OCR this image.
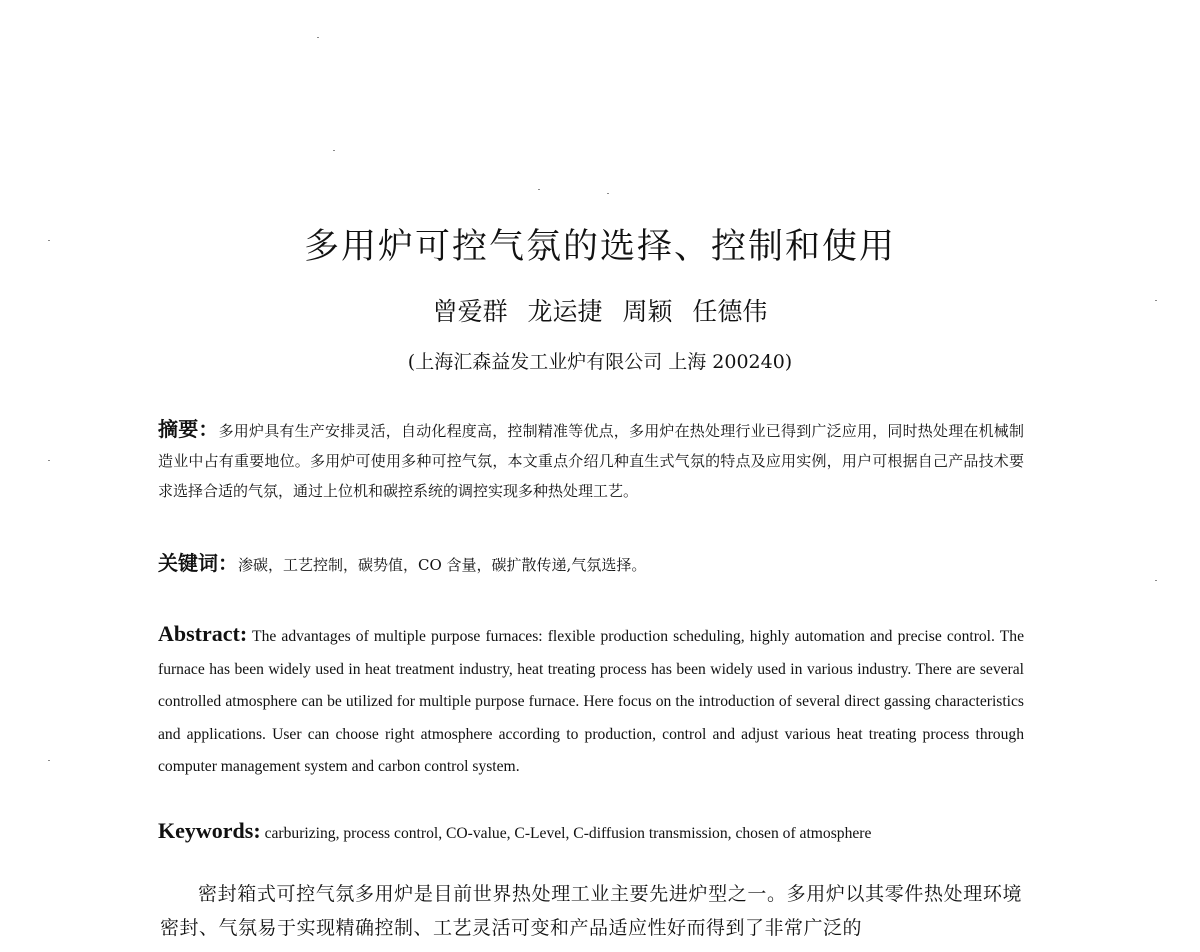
多用炉可控气氛的选择、控制和使用
曾爱群 龙运捷 周颖 任德伟
(上海汇森益发工业炉有限公司 上海 200240)
摘要：多用炉具有生产安排灵活，自动化程度高，控制精准等优点，多用炉在热处理行业已得到广泛应用，同时热处理在机械制造业中占有重要地位。多用炉可使用多种可控气氛，本文重点介绍几种直生式气氛的特点及应用实例，用户可根据自己产品技术要求选择合适的气氛，通过上位机和碳控系统的调控实现多种热处理工艺。
关键词：渗碳，工艺控制，碳势值，CO 含量，碳扩散传递,气氛选择。
Abstract: The advantages of multiple purpose furnaces: flexible production scheduling, highly automation and precise control. The furnace has been widely used in heat treatment industry, heat treating process has been widely used in various industry. There are several controlled atmosphere can be utilized for multiple purpose furnace. Here focus on the introduction of several direct gassing characteristics and applications. User can choose right atmosphere according to production, control and adjust various heat treating process through computer management system and carbon control system.
Keywords: carburizing, process control, CO-value, C-Level, C-diffusion transmission, chosen of atmosphere
密封箱式可控气氛多用炉是目前世界热处理工业主要先进炉型之一。多用炉以其零件热处理环境密封、气氛易于实现精确控制、工艺灵活可变和产品适应性好而得到了非常广泛的
